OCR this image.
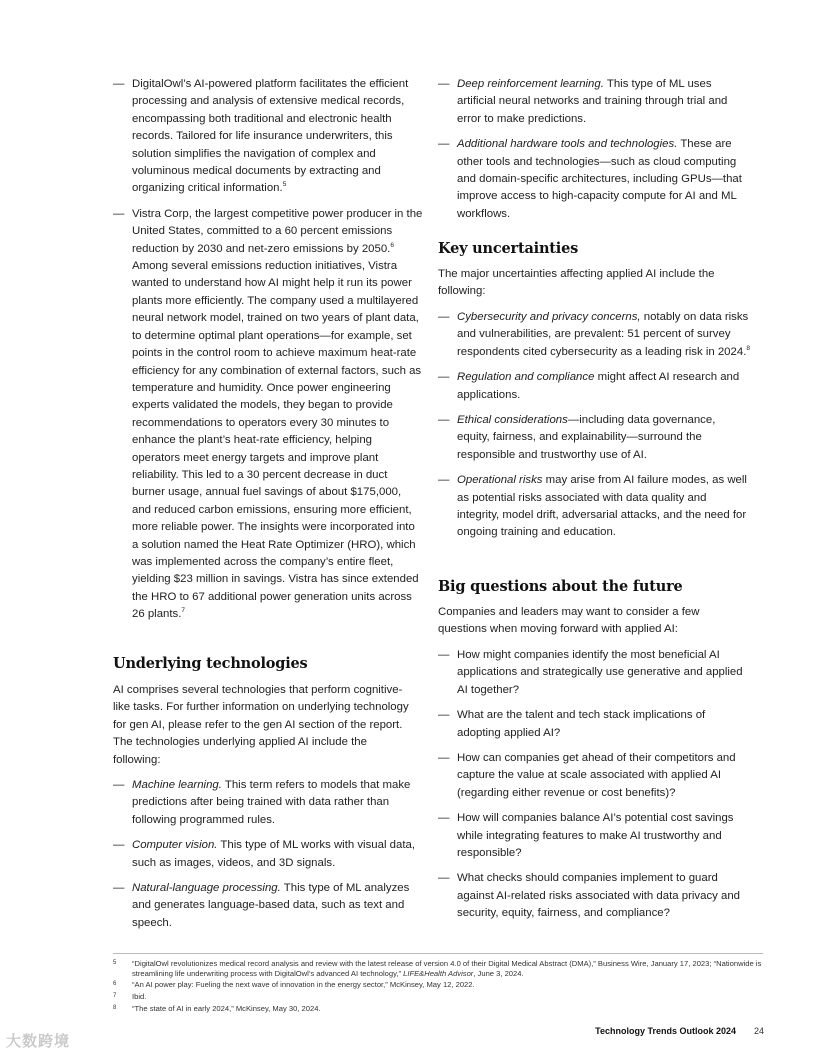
— DigitalOwl’s AI-powered platform facilitates the efficient processing and analysis of extensive medical records, encompassing both traditional and electronic health records. Tailored for life insurance underwriters, this solution simplifies the navigation of complex and voluminous medical documents by extracting and organizing critical information.$^5$
— Vistra Corp, the largest competitive power producer in the United States, committed to a 60 percent emissions reduction by 2030 and net-zero emissions by 2050.$^6$ Among several emissions reduction initiatives, Vistra wanted to understand how AI might help it run its power plants more efficiently. The company used a multilayered neural network model, trained on two years of plant data, to determine optimal plant operations—for example, set points in the control room to achieve maximum heat-rate efficiency for any combination of external factors, such as temperature and humidity. Once power engineering experts validated the models, they began to provide recommendations to operators every 30 minutes to enhance the plant’s heat-rate efficiency, helping operators meet energy targets and improve plant reliability. This led to a 30 percent decrease in duct burner usage, annual fuel savings of about $175,000, and reduced carbon emissions, ensuring more efficient, more reliable power. The insights were incorporated into a solution named the Heat Rate Optimizer (HRO), which was implemented across the company’s entire fleet, yielding $23 million in savings. Vistra has since extended the HRO to 67 additional power generation units across 26 plants.$^7$
Underlying technologies
AI comprises several technologies that perform cognitive-like tasks. For further information on underlying technology for gen AI, please refer to the gen AI section of the report. The technologies underlying applied AI include the following:
— Machine learning. This term refers to models that make predictions after being trained with data rather than following programmed rules.
— Computer vision. This type of ML works with visual data, such as images, videos, and 3D signals.
— Natural-language processing. This type of ML analyzes and generates language-based data, such as text and speech.
— Deep reinforcement learning. This type of ML uses artificial neural networks and training through trial and error to make predictions.
— Additional hardware tools and technologies. These are other tools and technologies—such as cloud computing and domain-specific architectures, including GPUs—that improve access to high-capacity compute for AI and ML workflows.
Key uncertainties
The major uncertainties affecting applied AI include the following:
— Cybersecurity and privacy concerns, notably on data risks and vulnerabilities, are prevalent: 51 percent of survey respondents cited cybersecurity as a leading risk in 2024.$^8$
— Regulation and compliance might affect AI research and applications.
— Ethical considerations—including data governance, equity, fairness, and explainability—surround the responsible and trustworthy use of AI.
— Operational risks may arise from AI failure modes, as well as potential risks associated with data quality and integrity, model drift, adversarial attacks, and the need for ongoing training and education.
Big questions about the future
Companies and leaders may want to consider a few questions when moving forward with applied AI:
— How might companies identify the most beneficial AI applications and strategically use generative and applied AI together?
— What are the talent and tech stack implications of adopting applied AI?
— How can companies get ahead of their competitors and capture the value at scale associated with applied AI (regarding either revenue or cost benefits)?
— How will companies balance AI’s potential cost savings while integrating features to make AI trustworthy and responsible?
— What checks should companies implement to guard against AI-related risks associated with data privacy and security, equity, fairness, and compliance?
5	“DigitalOwl revolutionizes medical record analysis and review with the latest release of version 4.0 of their Digital Medical Abstract (DMA),” Business Wire, January 17, 2023; “Nationwide is streamlining life underwriting process with DigitalOwl’s advanced AI technology,” LIFE&Health Advisor, June 3, 2024.
6	“An AI power play: Fueling the next wave of innovation in the energy sector,” McKinsey, May 12, 2022.
7	Ibid.
8	“The state of AI in early 2024,” McKinsey, May 30, 2024.
Technology Trends Outlook 2024 24
大数跨境
